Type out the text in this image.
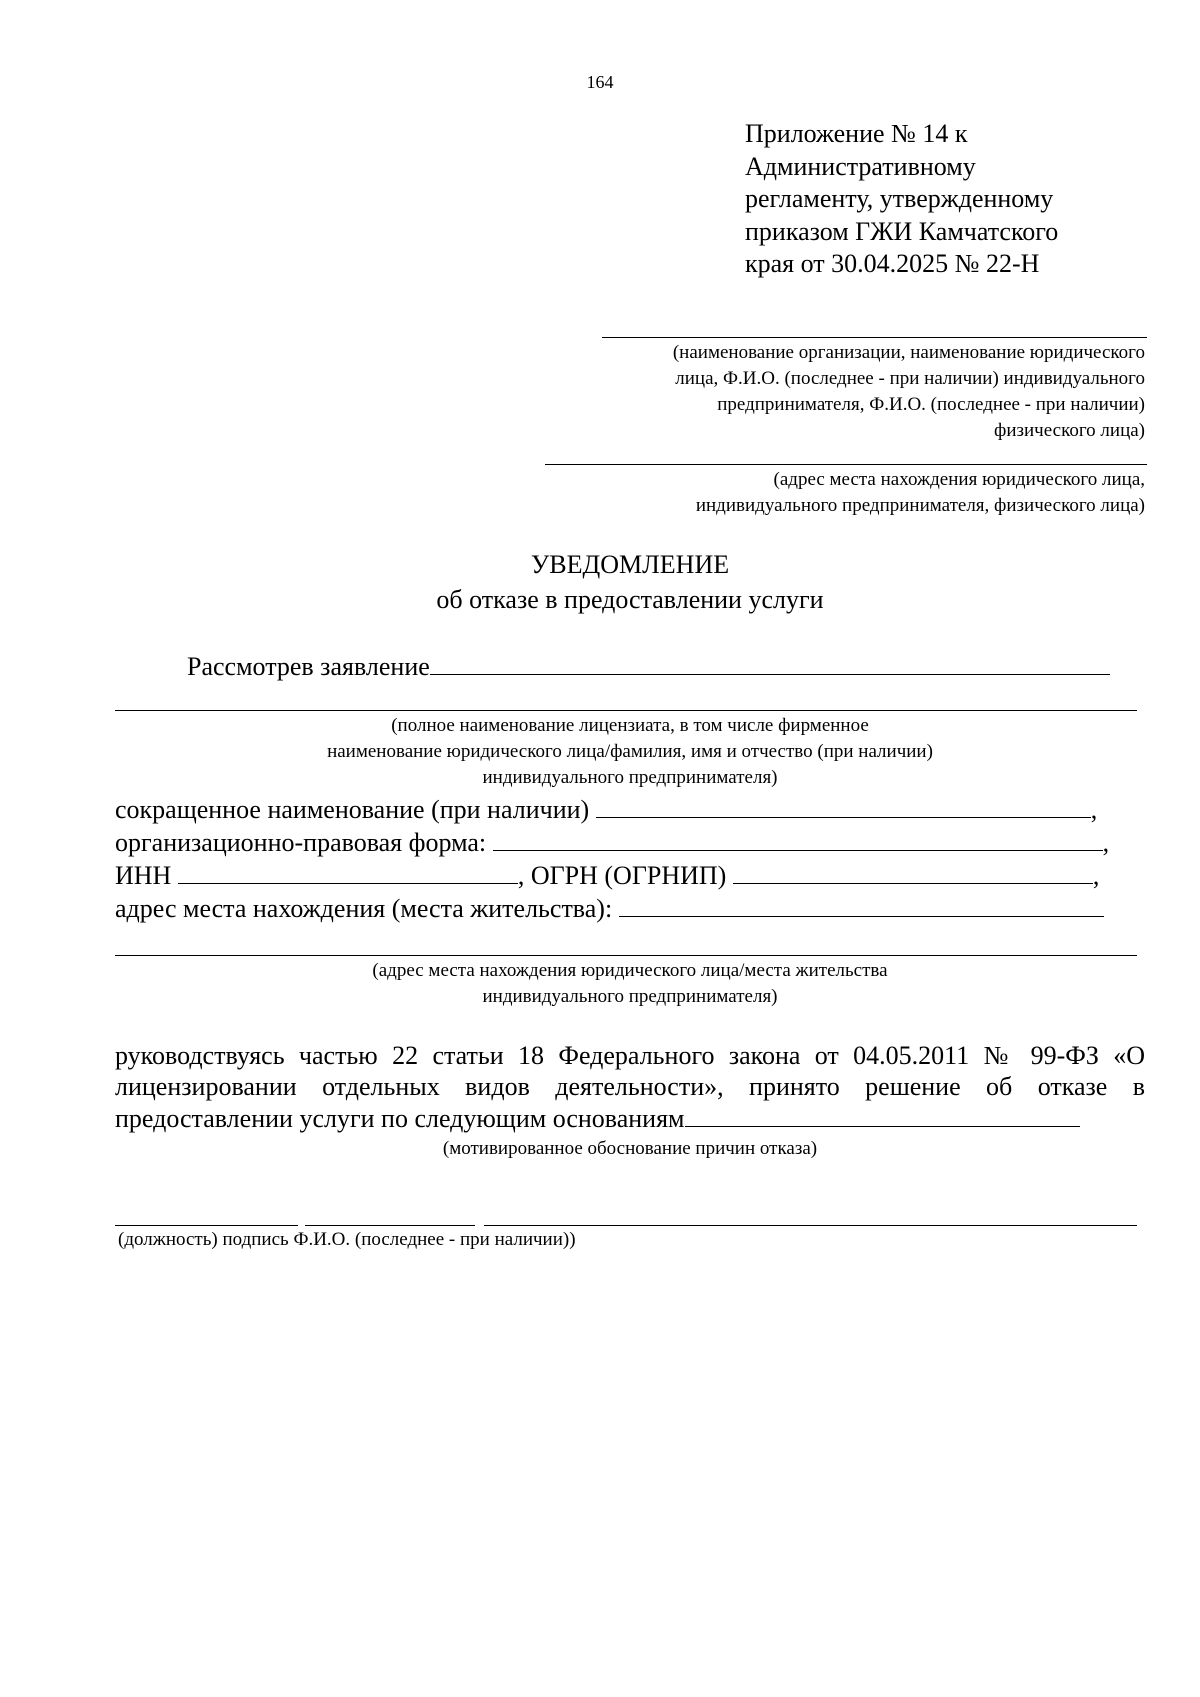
164
Приложение № 14 к
Административному
регламенту, утвержденному
приказом ГЖИ Камчатского
края от 30.04.2025 № 22-Н
(наименование организации, наименование юридического
лица, Ф.И.О. (последнее - при наличии) индивидуального
предпринимателя, Ф.И.О. (последнее - при наличии)
физического лица)
(адрес места нахождения юридического лица,
индивидуального предпринимателя, физического лица)
УВЕДОМЛЕНИЕ
об отказе в предоставлении услуги
Рассмотрев заявление
(полное наименование лицензиата, в том числе фирменное
наименование юридического лица/фамилия, имя и отчество (при наличии)
индивидуального предпринимателя)
сокращенное наименование (при наличии)	,
организационно-правовая форма:	,
ИНН	, ОГРН (ОГРНИП)	,
адрес места нахождения (места жительства):
(адрес места нахождения юридического лица/места жительства
индивидуального предпринимателя)
руководствуясь частью 22 статьи 18 Федерального закона от 04.05.2011 № 99-ФЗ «О
лицензировании отдельных видов деятельности», принято решение об отказе в
предоставлении услуги по следующим основаниям
(мотивированное обоснование причин отказа)
(должность) подпись Ф.И.О. (последнее - при наличии))
